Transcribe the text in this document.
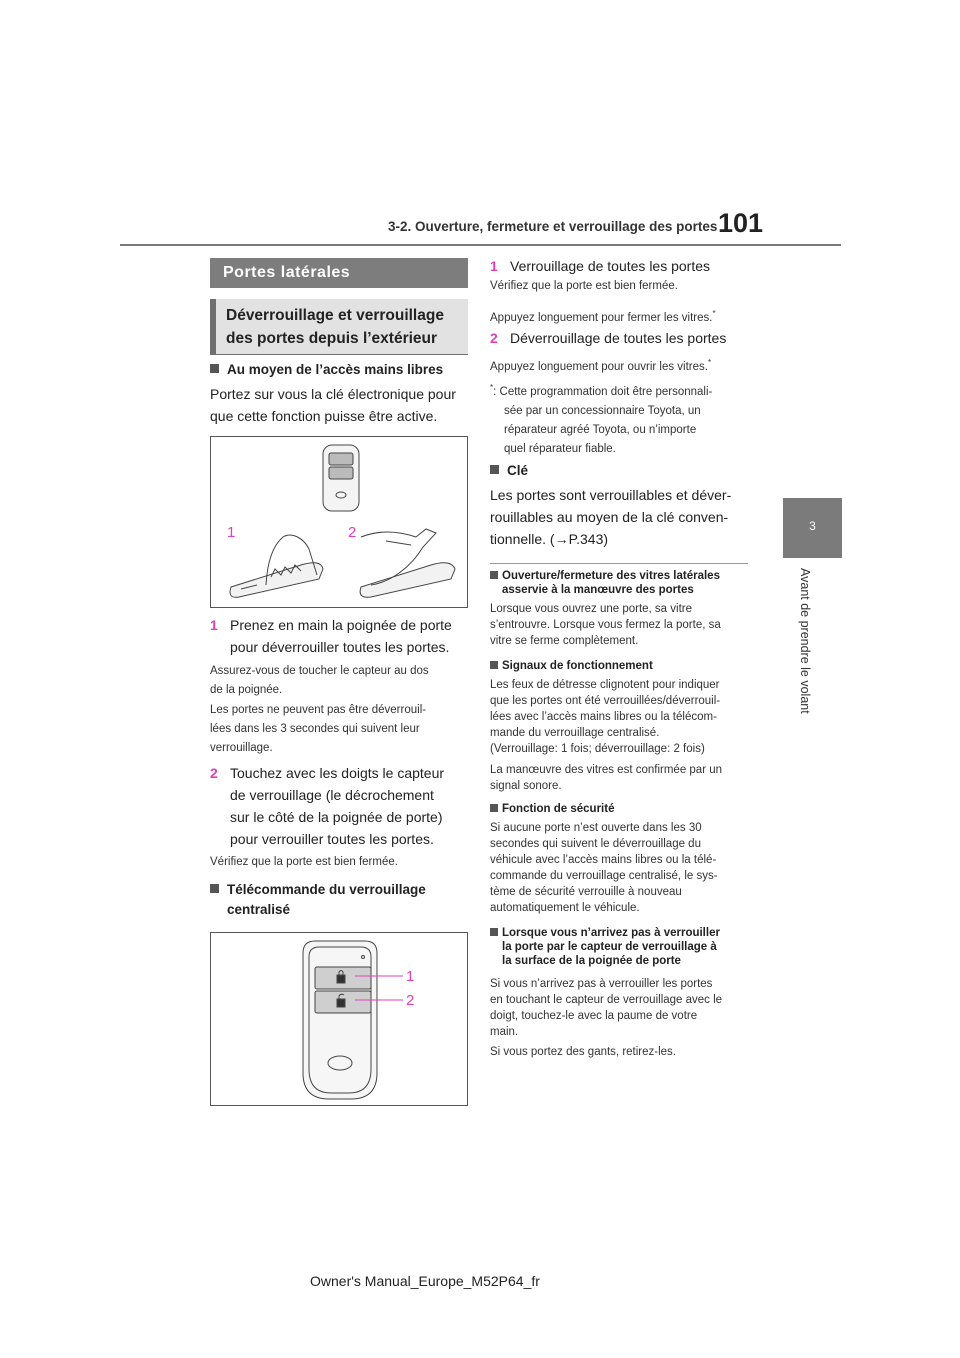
3-2. Ouverture, fermeture et verrouillage des portes 101
3
Avant de prendre le volant
Portes latérales
Déverrouillage et verrouillage
des portes depuis l’extérieur
Au moyen de l’accès mains libres
Portez sur vous la clé électronique pour
que cette fonction puisse être active.
1	2
1 Prenez en main la poignée de porte
pour déverrouiller toutes les portes.
Assurez-vous de toucher le capteur au dos
de la poignée.
Les portes ne peuvent pas être déverrouil-
lées dans les 3 secondes qui suivent leur
verrouillage.
2 Touchez avec les doigts le capteur
de verrouillage (le décrochement
sur le côté de la poignée de porte)
pour verrouiller toutes les portes.
Vérifiez que la porte est bien fermée.
Télécommande du verrouillage
centralisé
1
2
1 Verrouillage de toutes les portes
Vérifiez que la porte est bien fermée.
Appuyez longuement pour fermer les vitres.*
2 Déverrouillage de toutes les portes
Appuyez longuement pour ouvrir les vitres.*
*: Cette programmation doit être personnali-
sée par un concessionnaire Toyota, un
réparateur agréé Toyota, ou n’importe
quel réparateur fiable.
Clé
Les portes sont verrouillables et déver-
rouillables au moyen de la clé conven-
tionnelle. (→P.343)
Ouverture/fermeture des vitres latérales
asservie à la manœuvre des portes
Lorsque vous ouvrez une porte, sa vitre
s’entrouvre. Lorsque vous fermez la porte, sa
vitre se ferme complètement.
Signaux de fonctionnement
Les feux de détresse clignotent pour indiquer
que les portes ont été verrouillées/déverrouil-
lées avec l’accès mains libres ou la télécom-
mande du verrouillage centralisé.
(Verrouillage: 1 fois; déverrouillage: 2 fois)
La manœuvre des vitres est confirmée par un
signal sonore.
Fonction de sécurité
Si aucune porte n’est ouverte dans les 30
secondes qui suivent le déverrouillage du
véhicule avec l’accès mains libres ou la télé-
commande du verrouillage centralisé, le sys-
tème de sécurité verrouille à nouveau
automatiquement le véhicule.
Lorsque vous n’arrivez pas à verrouiller
la porte par le capteur de verrouillage à
la surface de la poignée de porte
Si vous n’arrivez pas à verrouiller les portes
en touchant le capteur de verrouillage avec le
doigt, touchez-le avec la paume de votre
main.
Si vous portez des gants, retirez-les.
Owner's Manual_Europe_M52P64_fr
